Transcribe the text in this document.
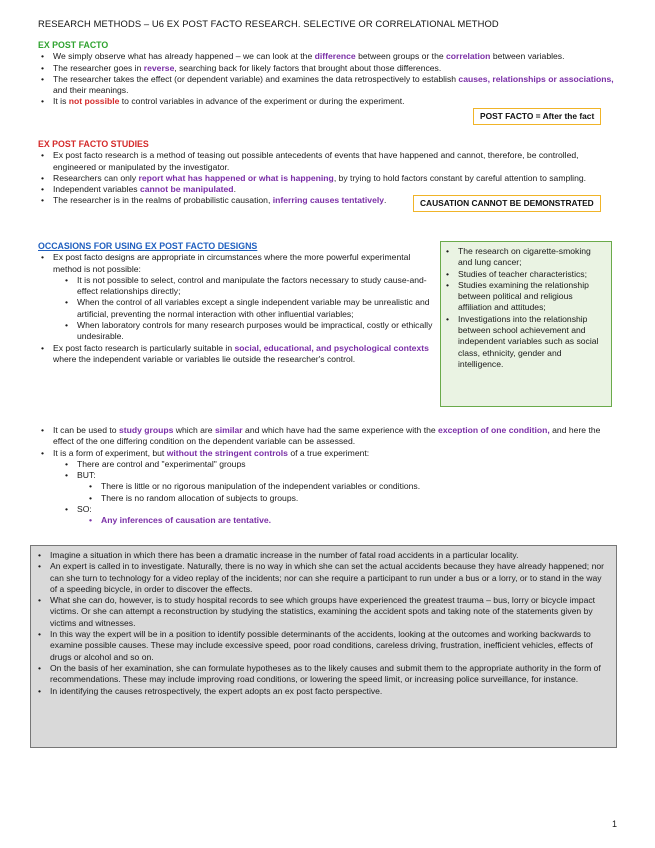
RESEARCH METHODS – U6 EX POST FACTO RESEARCH. SELECTIVE OR CORRELATIONAL METHOD
EX POST FACTO
• We simply observe what has already happened – we can look at the difference between groups or the correlation between variables.
• The researcher goes in reverse, searching back for likely factors that brought about those differences.
• The researcher takes the effect (or dependent variable) and examines the data retrospectively to establish causes, relationships or associations, and their meanings.
• It is not possible to control variables in advance of the experiment or during the experiment.
POST FACTO = After the fact
EX POST FACTO STUDIES
• Ex post facto research is a method of teasing out possible antecedents of events that have happened and cannot, therefore, be controlled, engineered or manipulated by the investigator.
• Researchers can only report what has happened or what is happening, by trying to hold factors constant by careful attention to sampling.
• Independent variables cannot be manipulated.
• The researcher is in the realms of probabilistic causation, inferring causes tentatively.	CAUSATION CANNOT BE DEMONSTRATED
OCCASIONS FOR USING EX POST FACTO DESIGNS
• Ex post facto designs are appropriate in circumstances where the more powerful experimental method is not possible:
• It is not possible to select, control and manipulate the factors necessary to study cause-and-effect relationships directly;
• When the control of all variables except a single independent variable may be unrealistic and artificial, preventing the normal interaction with other influential variables;
• When laboratory controls for many research purposes would be impractical, costly or ethically undesirable.
• Ex post facto research is particularly suitable in social, educational, and psychological contexts where the independent variable or variables lie outside the researcher's control.
• The research on cigarette-smoking and lung cancer;
• Studies of teacher characteristics;
• Studies examining the relationship between political and religious affiliation and attitudes;
• Investigations into the relationship between school achievement and independent variables such as social class, ethnicity, gender and intelligence.
• It can be used to study groups which are similar and which have had the same experience with the exception of one condition, and here the effect of the one differing condition on the dependent variable can be assessed.
• It is a form of experiment, but without the stringent controls of a true experiment:
• There are control and "experimental" groups
• BUT:
• There is little or no rigorous manipulation of the independent variables or conditions.
• There is no random allocation of subjects to groups.
• SO:
• Any inferences of causation are tentative.
• Imagine a situation in which there has been a dramatic increase in the number of fatal road accidents in a particular locality.
• An expert is called in to investigate. Naturally, there is no way in which she can set the actual accidents because they have already happened; nor can she turn to technology for a video replay of the incidents; nor can she require a participant to run under a bus or a lorry, or to stand in the way of a speeding bicycle, in order to discover the effects.
• What she can do, however, is to study hospital records to see which groups have experienced the greatest trauma – bus, lorry or bicycle impact victims. Or she can attempt a reconstruction by studying the statistics, examining the accident spots and taking note of the statements given by victims and witnesses.
• In this way the expert will be in a position to identify possible determinants of the accidents, looking at the outcomes and working backwards to examine possible causes. These may include excessive speed, poor road conditions, careless driving, frustration, inefficient vehicles, effects of drugs or alcohol and so on.
• On the basis of her examination, she can formulate hypotheses as to the likely causes and submit them to the appropriate authority in the form of recommendations. These may include improving road conditions, or lowering the speed limit, or increasing police surveillance, for instance.
• In identifying the causes retrospectively, the expert adopts an ex post facto perspective.
1
